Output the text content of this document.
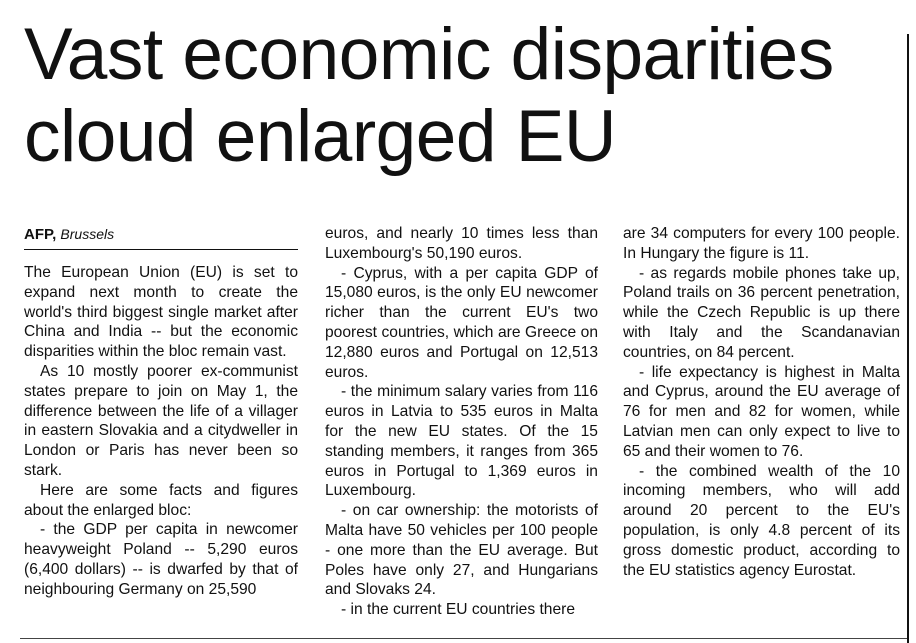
Vast economic disparities
cloud enlarged EU
AFP, Brussels

The European Union (EU) is set to expand next month to create the world's third biggest single market after China and India -- but the economic disparities within the bloc remain vast.

As 10 mostly poorer ex-communist states prepare to join on May 1, the difference between the life of a villager in eastern Slovakia and a citydweller in London or Paris has never been so stark.

Here are some facts and figures about the enlarged bloc:

- the GDP per capita in newcomer heavyweight Poland -- 5,290 euros (6,400 dollars) -- is dwarfed by that of neighbouring Germany on 25,590

euros, and nearly 10 times less than Luxembourg's 50,190 euros.

- Cyprus, with a per capita GDP of 15,080 euros, is the only EU newcomer richer than the current EU's two poorest countries, which are Greece on 12,880 euros and Portugal on 12,513 euros.

- the minimum salary varies from 116 euros in Latvia to 535 euros in Malta for the new EU states. Of the 15 standing members, it ranges from 365 euros in Portugal to 1,369 euros in Luxembourg.

- on car ownership: the motorists of Malta have 50 vehicles per 100 people - one more than the EU average. But Poles have only 27, and Hungarians and Slovaks 24.

- in the current EU countries there

are 34 computers for every 100 people. In Hungary the figure is 11.

- as regards mobile phones take up, Poland trails on 36 percent penetration, while the Czech Republic is up there with Italy and the Scandanavian countries, on 84 percent.

- life expectancy is highest in Malta and Cyprus, around the EU average of 76 for men and 82 for women, while Latvian men can only expect to live to 65 and their women to 76.

- the combined wealth of the 10 incoming members, who will add around 20 percent to the EU's population, is only 4.8 percent of its gross domestic product, according to the EU statistics agency Eurostat.
